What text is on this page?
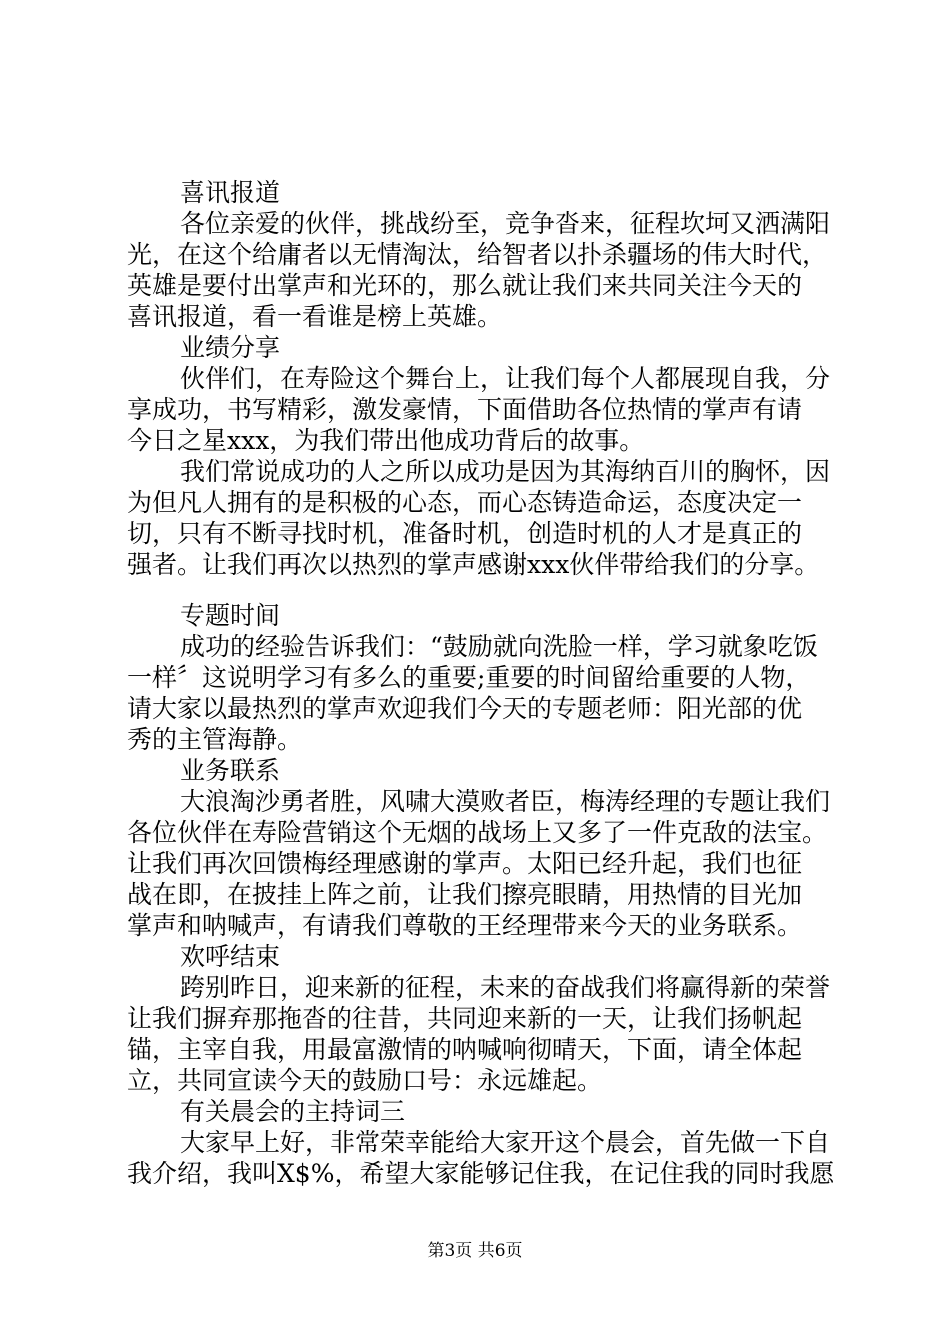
喜讯报道
各位亲爱的伙伴，挑战纷至，竞争沓来，征程坎坷又洒满阳
光，在这个给庸者以无情淘汰，给智者以扑杀疆场的伟大时代，
英雄是要付出掌声和光环的，那么就让我们来共同关注今天的
喜讯报道，看一看谁是榜上英雄。
业绩分享
伙伴们，在寿险这个舞台上，让我们每个人都展现自我，分
享成功，书写精彩，激发豪情，下面借助各位热情的掌声有请
今日之星xxx，为我们带出他成功背后的故事。
我们常说成功的人之所以成功是因为其海纳百川的胸怀，因
为但凡人拥有的是积极的心态，而心态铸造命运，态度决定一
切，只有不断寻找时机，准备时机，创造时机的人才是真正的
强者。让我们再次以热烈的掌声感谢xxx伙伴带给我们的分享。
专题时间
成功的经验告诉我们：“鼓励就向洗脸一样，学习就象吃饭
一样〞这说明学习有多么的重要;重要的时间留给重要的人物，
请大家以最热烈的掌声欢迎我们今天的专题老师：阳光部的优
秀的主管海静。
业务联系
大浪淘沙勇者胜，风啸大漠败者臣，梅涛经理的专题让我们
各位伙伴在寿险营销这个无烟的战场上又多了一件克敌的法宝。
让我们再次回馈梅经理感谢的掌声。太阳已经升起，我们也征
战在即，在披挂上阵之前，让我们擦亮眼睛，用热情的目光加
掌声和呐喊声，有请我们尊敬的王经理带来今天的业务联系。
欢呼结束
跨别昨日，迎来新的征程，未来的奋战我们将赢得新的荣誉
让我们摒弃那拖沓的往昔，共同迎来新的一天，让我们扬帆起
锚，主宰自我，用最富激情的呐喊响彻晴天，下面，请全体起
立，共同宣读今天的鼓励口号：永远雄起。
有关晨会的主持词三
大家早上好，非常荣幸能给大家开这个晨会，首先做一下自
我介绍，我叫X$%，希望大家能够记住我，在记住我的同时我愿
第3页 共6页
